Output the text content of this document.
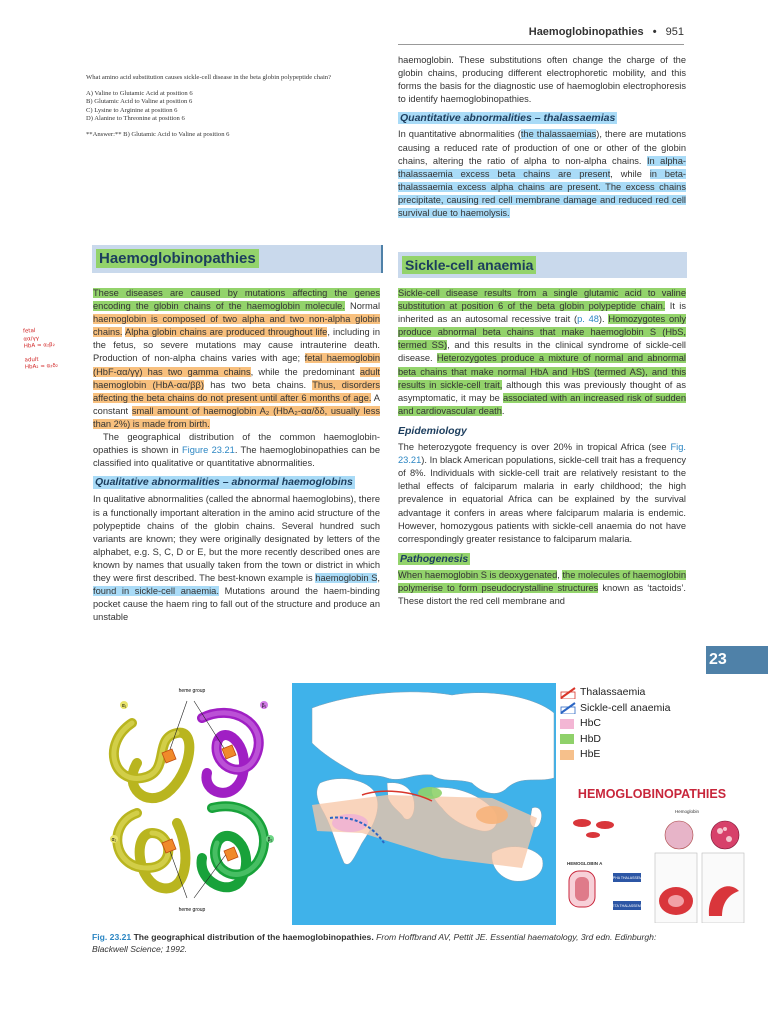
Haemoglobinopathies • 951

What amino acid substitution causes sickle-cell disease in the beta globin polypeptide chain?

A) Valine to Glutamic Acid at position 6
B) Glutamic Acid to Valine at position 6
C) Lysine to Arginine at position 6
D) Alanine to Threonine at position 6

**Answer:** B) Glutamic Acid to Valine at position 6

fetal
αα/γγ
HbA = α₂β₂
adult
HbA₂ = α₂δ₂
Haemoglobinopathies

These diseases are caused by mutations affecting the genes encoding the globin chains of the haemoglobin molecule. Normal haemoglobin is composed of two alpha and two non-alpha globin chains. Alpha globin chains are produced throughout life, including in the fetus, so severe mutations may cause intrauterine death. Production of non-alpha chains varies with age; fetal haemoglobin (HbF-αα/γγ) has two gamma chains, while the predominant adult haemoglobin (HbA-αα/ββ) has two beta chains. Thus, disorders affecting the beta chains do not present until after 6 months of age. A constant small amount of haemoglobin A₂ (HbA₂-αα/δδ, usually less than 2%) is made from birth.

The geographical distribution of the common haemoglobin-opathies is shown in Figure 23.21. The haemoglobinopathies can be classified into qualitative or quantitative abnormalities.

Qualitative abnormalities – abnormal haemoglobins

In qualitative abnormalities (called the abnormal haemoglobins), there is a functionally important alteration in the amino acid structure of the polypeptide chains of the globin chains. Several hundred such variants are known; they were originally designated by letters of the alphabet, e.g. S, C, D or E, but the more recently described ones are known by names that usually taken from the town or district in which they were first described. The best-known example is haemoglobin S, found in sickle-cell anaemia. Mutations around the haem-binding pocket cause the haem ring to fall out of the structure and produce an unstable

haemoglobin. These substitutions often change the charge of the globin chains, producing different electrophoretic mobility, and this forms the basis for the diagnostic use of haemoglobin electrophoresis to identify haemoglobinopathies.

Quantitative abnormalities – thalassaemias

In quantitative abnormalities (the thalassaemias), there are mutations causing a reduced rate of production of one or other of the globin chains, altering the ratio of alpha to non-alpha chains. In alpha-thalassaemia excess beta chains are present, while in beta-thalassaemia excess alpha chains are present. The excess chains precipitate, causing red cell membrane damage and reduced red cell survival due to haemolysis.

Sickle-cell anaemia

Sickle-cell disease results from a single glutamic acid to valine substitution at position 6 of the beta globin polypeptide chain. It is inherited as an autosomal recessive trait (p. 48). Homozygotes only produce abnormal beta chains that make haemoglobin S (HbS, termed SS), and this results in the clinical syndrome of sickle-cell disease. Heterozygotes produce a mixture of normal and abnormal beta chains that make normal HbA and HbS (termed AS), and this results in sickle-cell trait, although this was previously thought of as asymptomatic, it may be associated with an increased risk of sudden and cardiovascular death.

Epidemiology

The heterozygote frequency is over 20% in tropical Africa (see Fig. 23.21). In black American populations, sickle-cell trait has a frequency of 8%. Individuals with sickle-cell trait are relatively resistant to the lethal effects of falciparum malaria in early childhood; the high prevalence in equatorial Africa can be explained by the survival advantage it confers in areas where falciparum malaria is endemic. However, homozygous patients with sickle-cell anaemia do not have correspondingly greater resistance to falciparum malaria.

Pathogenesis

When haemoglobin S is deoxygenated, the molecules of haemoglobin polymerise to form pseudocrystalline structures known as ‘tactoids’. These distort the red cell membrane and

23
heme group
heme group
α₁	β₁
α₂	β₂
Thalassaemia
Sickle-cell anaemia
HbC
HbD
HbE
HEMOGLOBINOPATHIES
Hemoglobin
HEMOGLOBIN A
ALPHA THALASSEMIA
BETA THALASSEMIA
Fig. 23.21 The geographical distribution of the haemoglobinopathies. From Hoffbrand AV, Pettit JE. Essential haematology, 3rd edn. Edinburgh: Blackwell Science; 1992.
